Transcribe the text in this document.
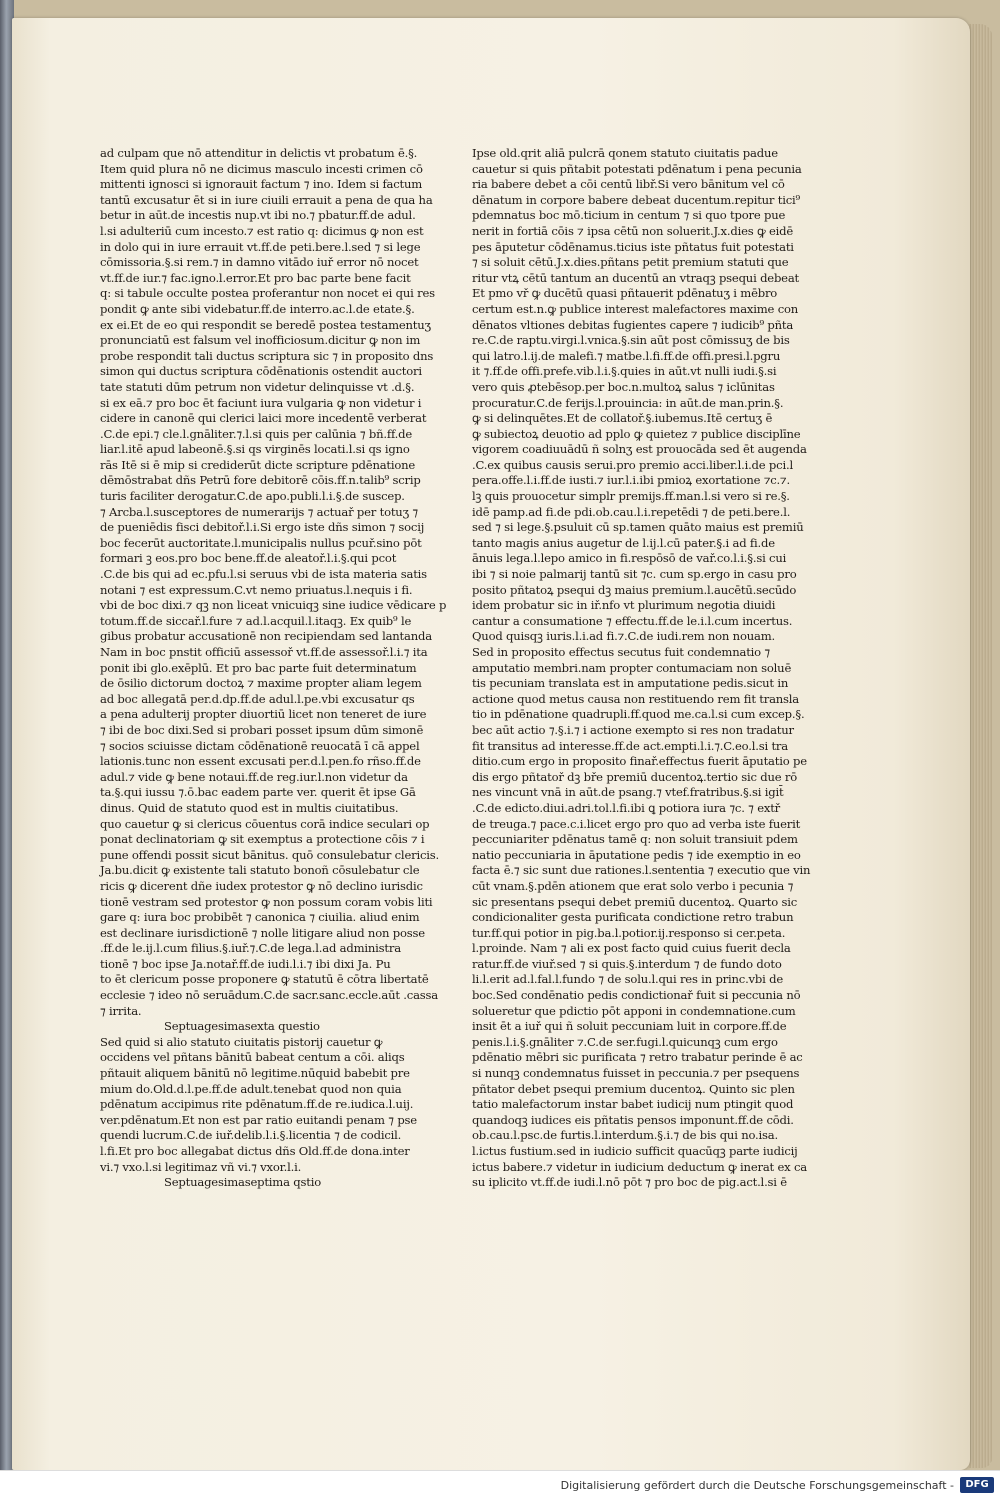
ad culpam que nō attenditur in delictis vt probatum ē.§.
Item quid plura nō ne dicimus masculo incesti crimen cō
mittenti ignosci si ignorauit factum ⁊ ino. Idem si factum
tantū excusatur ēt si in iure ciuili errauit a pena de qua ha
betur in aūt.de incestis nup.vt ibi no.⁊ pbatur.ff.de adul.
l.si adulteriū cum incesto.⁊ est ratio q: dicimus ꝙ non est
in dolo qui in iure errauit vt.ff.de peti.bere.l.sed ⁊ si lege
cōmissoria.§.si rem.⁊ in damno vitādo iuř error nō nocet
vt.ff.de iur.⁊ fac.igno.l.error.Et pro bac parte bene facit
q: si tabule occulte postea proferantur non nocet ei qui res
pondit ꝙ ante sibi videbatur.ff.de interro.ac.l.de etate.§.
ex ei.Et de eo qui respondit se beredē postea testamentuʒ
pronunciatū est falsum vel inofficiosum.dicitur ꝙ non im
probe respondit tali ductus scriptura sic ⁊ in proposito dns
simon qui ductus scriptura cōdēnationis ostendit auctori
tate statuti dūm petrum non videtur delinquisse vt .d.§.
si ex eā.⁊ pro boc ēt faciunt iura vulgaria ꝙ non videtur i
cidere in canonē qui clerici laici more incedentē verberat
.C.de epi.⁊ cle.l.gnāliter.⁊.l.si quis per calūnia ⁊ bñ.ff.de
liar.l.itē apud labeonē.§.si qs virginēs locati.l.si qs igno
rās Itē si ē mip si crediderūt dicte scripture pdēnatione
dēmōstrabat dñs Petrū fore debitorē cōis.ff.n.talib⁹ scrip
turis faciliter derogatur.C.de apo.publi.l.i.§.de suscep.
⁊ Arcba.l.susceptores de numerarijs ⁊ actuař per totuʒ ⁊
de pueniēdis fisci debitoř.l.i.Si ergo iste dñs simon ⁊ socij
boc fecerūt auctoritate.l.municipalis nullus pcuř.sino pōt
formari ꝫ eos.pro boc bene.ff.de aleatoř.l.i.§.qui pcot
.C.de bis qui ad ec.pfu.l.si seruus vbi de ista materia satis
notani ⁊ est expressum.C.vt nemo priuatus.l.nequis i fi.
vbi de boc dixi.⁊ qꝫ non liceat vnicuiqꝫ sine iudice vēdicare p
totum.ff.de siccař.l.fure ⁊ ad.l.acquil.l.itaqꝫ. Ex quib⁹ le
gibus probatur accusationē non recipiendam sed lantanda
Nam in boc pnstit officiū assessoř vt.ff.de assessoř.l.i.⁊ ita
ponit ibi glo.exēplū. Et pro bac parte fuit determinatum
de ōsilio dictorum doctoꝝ ⁊ maxime propter aliam legem
ad boc allegatā per.d.dp.ff.de adul.l.pe.vbi excusatur qs
a pena adulterij propter diuortiū licet non teneret de iure
⁊ ibi de boc dixi.Sed si probari posset ipsum dūm simonē
⁊ socios sciuisse dictam cōdēnationē reuocatā ī cā appel
lationis.tunc non essent excusati per.d.l.pen.fo rñso.ff.de
adul.⁊ vide ꝙ bene notaui.ff.de reg.iur.l.non videtur da
ta.§.qui iussu ⁊.ō.bac eadem parte ver. querit ēt ipse Gā
dinus. Quid de statuto quod est in multis ciuitatibus.
quo cauetur ꝙ si clericus cōuentus corā indice seculari op
ponat declinatoriam ꝙ sit exemptus a protectione cōis ⁊ i
pune offendi possit sicut bānitus. quō consulebatur clericis.
Ja.bu.dicit ꝙ existente tali statuto bonoñ cōsulebatur cle
ricis ꝙ dicerent dñe iudex protestor ꝙ nō declino iurisdic
tionē vestram sed protestor ꝙ non possum coram vobis liti
gare q: iura boc probibēt ⁊ canonica ⁊ ciuilia. aliud enim
est declinare iurisdictionē ⁊ nolle litigare aliud non posse
.ff.de le.ij.l.cum filius.§.iuř.⁊.C.de lega.l.ad administra
tionē ⁊ boc ipse Ja.notař.ff.de iudi.l.i.⁊ ibi dixi Ja. Pu
to ēt clericum posse proponere ꝙ statutū ē cōtra libertatē
ecclesie ⁊ ideo nō seruādum.C.de sacr.sanc.eccle.aūt .cassa
⁊ irrita.
Septuagesimasexta questio
Sed quid si alio statuto ciuitatis pistorij cauetur ꝙ
occidens vel pñtans bānitū babeat centum a cōi. aliqs
pñtauit aliquem bānitū nō legitime.nūquid babebit pre
mium do.Old.d.l.pe.ff.de adult.tenebat quod non quia
pdēnatum accipimus rite pdēnatum.ff.de re.iudica.l.uij.
ver.pdēnatum.Et non est par ratio euitandi penam ⁊ pse
quendi lucrum.C.de iuř.delib.l.i.§.licentia ⁊ de codicil.
l.fi.Et pro boc allegabat dictus dñs Old.ff.de dona.inter
vi.⁊ vxo.l.si legitimaz vñ vi.⁊ vxor.l.i.
Septuagesimaseptima qstio
Ipse old.qrit aliā pulcrā qonem statuto ciuitatis padue
cauetur si quis pñtabit potestati pdēnatum i pena pecunia
ria babere debet a cōi centū libř.Si vero bānitum vel cō
dēnatum in corpore babere debeat ducentum.repitur tici⁹
pdemnatus boc mō.ticium in centum ⁊ si quo tpore pue
nerit in fortiā cōis ⁊ ipsa cētū non soluerit.J.x.dies ꝙ eidē
pes āputetur cōdēnamus.ticius iste pñtatus fuit potestati
⁊ si soluit cētū.J.x.dies.pñtans petit premium statuti que
ritur vtꝝ cētū tantum an ducentū an vtraqꝫ psequi debeat
Et pmo vř ꝙ ducētū quasi pñtauerit pdēnatuʒ i mēbro
certum est.n.ꝙ publice interest malefactores maxime con
dēnatos vltiones debitas fugientes capere ⁊ iudicib⁹ pñta
re.C.de raptu.virgi.l.vnica.§.sin aūt post cōmissuʒ de bis
qui latro.l.ij.de malefi.⁊ matbe.l.fi.ff.de offi.presi.l.pgru
it ⁊.ff.de offi.prefe.vib.l.i.§.quies in aūt.vt nulli iudi.§.si
vero quis ꝓtebēsop.per boc.n.multoꝝ salus ⁊ iclūnitas
procuratur.C.de ferijs.l.prouincia: in aūt.de man.prin.§.
ꝙ si delinquētes.Et de collatoř.§.iubemus.Itē certuʒ ē
ꝙ subiectoꝝ deuotio ad pplo ꝙ quietez ⁊ publice disciplīne
vigorem coadiuuādū ñ solnʒ est prouocāda sed ēt augenda
.C.ex quibus causis serui.pro premio acci.liber.l.i.de pci.l
pera.offe.l.i.ff.de iusti.⁊ iur.l.i.ibi pmioꝝ exortatione ⁊c.⁊.
lꝫ quis prouocetur simplr premijs.ff.man.l.si vero si re.§.
idē pamp.ad fi.de pdi.ob.cau.l.i.repetēdi ⁊ de peti.bere.l.
sed ⁊ si lege.§.psuluit cū sp.tamen quāto maius est premiū
tanto magis anius augetur de l.ij.l.cū pater.§.i ad fi.de
ānuis lega.l.lepo amico in fi.respōsō de vař.co.l.i.§.si cui
ibi ⁊ si noie palmarij tantū sit ⁊c. cum sp.ergo in casu pro
posito pñtatoꝝ psequi dꝫ maius premium.l.aucētū.secūdo
idem probatur sic in iř.nfo vt plurimum negotia diuidi
cantur a consumatione ⁊ effectu.ff.de le.i.l.cum incertus.
Quod quisqꝫ iuris.l.i.ad fi.⁊.C.de iudi.rem non nouam.
Sed in proposito effectus secutus fuit condemnatio ⁊
amputatio membri.nam propter contumaciam non soluē
tis pecuniam translata est in amputatione pedis.sicut in
actione quod metus causa non restituendo rem fit transla
tio in pdēnatione quadrupli.ff.quod me.ca.l.si cum excep.§.
bec aūt actio ⁊.§.i.⁊ i actione exempto si res non tradatur
fit transitus ad interesse.ff.de act.empti.l.i.⁊.C.eo.l.si tra
ditio.cum ergo in proposito finař.effectus fuerit āputatio pe
dis ergo pñtatoř dꝫ bře premiū ducentoꝝ.tertio sic due rō
nes vincunt vnā in aūt.de psang.⁊ vtef.fratribus.§.si igit̄
.C.de edicto.diui.adri.tol.l.fi.ibi ꝗ potiora iura ⁊c. ⁊ extř
de treuga.⁊ pace.c.i.licet ergo pro quo ad verba iste fuerit
peccuniariter pdēnatus tamē q: non soluit transiuit pdem
natio peccuniaria in āputatione pedis ⁊ ide exemptio in eo
facta ē.⁊ sic sunt due rationes.l.sententia ⁊ executio que vin
cūt vnam.§.pdēn ationem que erat solo verbo i pecunia ⁊
sic presentans psequi debet premiū ducentoꝝ. Quarto sic
condicionaliter gesta purificata condictione retro trabun
tur.ff.qui potior in pig.ba.l.potior.ij.responso si cer.peta.
l.proinde. Nam ⁊ ali ex post facto quid cuius fuerit decla
ratur.ff.de viuř.sed ⁊ si quis.§.interdum ⁊ de fundo doto
li.l.erit ad.l.fal.l.fundo ⁊ de solu.l.qui res in princ.vbi de
boc.Sed condēnatio pedis condictionař fuit si peccunia nō
solueretur que pdictio pōt apponi in condemnatione.cum
insit ēt a iuř qui ñ soluit peccuniam luit in corpore.ff.de
penis.l.i.§.gnāliter ⁊.C.de ser.fugi.l.quicunqꝫ cum ergo
pdēnatio mēbri sic purificata ⁊ retro trabatur perinde ē ac
si nunqꝫ condemnatus fuisset in peccunia.⁊ per psequens
pñtator debet psequi premium ducentoꝝ. Quinto sic plen
tatio malefactorum instar babet iudicij num ptingit quod
quandoqꝫ iudices eis pñtatis pensos imponunt.ff.de cōdi.
ob.cau.l.psc.de furtis.l.interdum.§.i.⁊ de bis qui no.isa.
l.ictus fustium.sed in iudicio sufficit quacūqꝫ parte iudicij
ictus babere.⁊ videtur in iudicium deductum ꝙ inerat ex ca
su iplicito vt.ff.de iudi.l.nō pōt ⁊ pro boc de pig.act.l.si ē
Digitalisierung gefördert durch die Deutsche Forschungsgemeinschaft -	DFG
